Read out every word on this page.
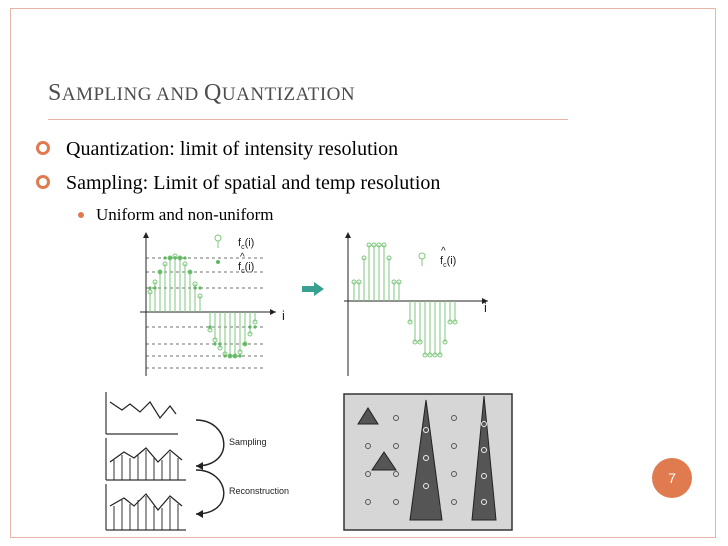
SAMPLING AND QUANTIZATION
Quantization: limit of intensity resolution
Sampling: Limit of spatial and temp resolution
Uniform and non-uniform
$f_c(i)$
$f_c(i)$
^
i
$f_c(i)$
^
i
Sampling
Reconstruction
7
